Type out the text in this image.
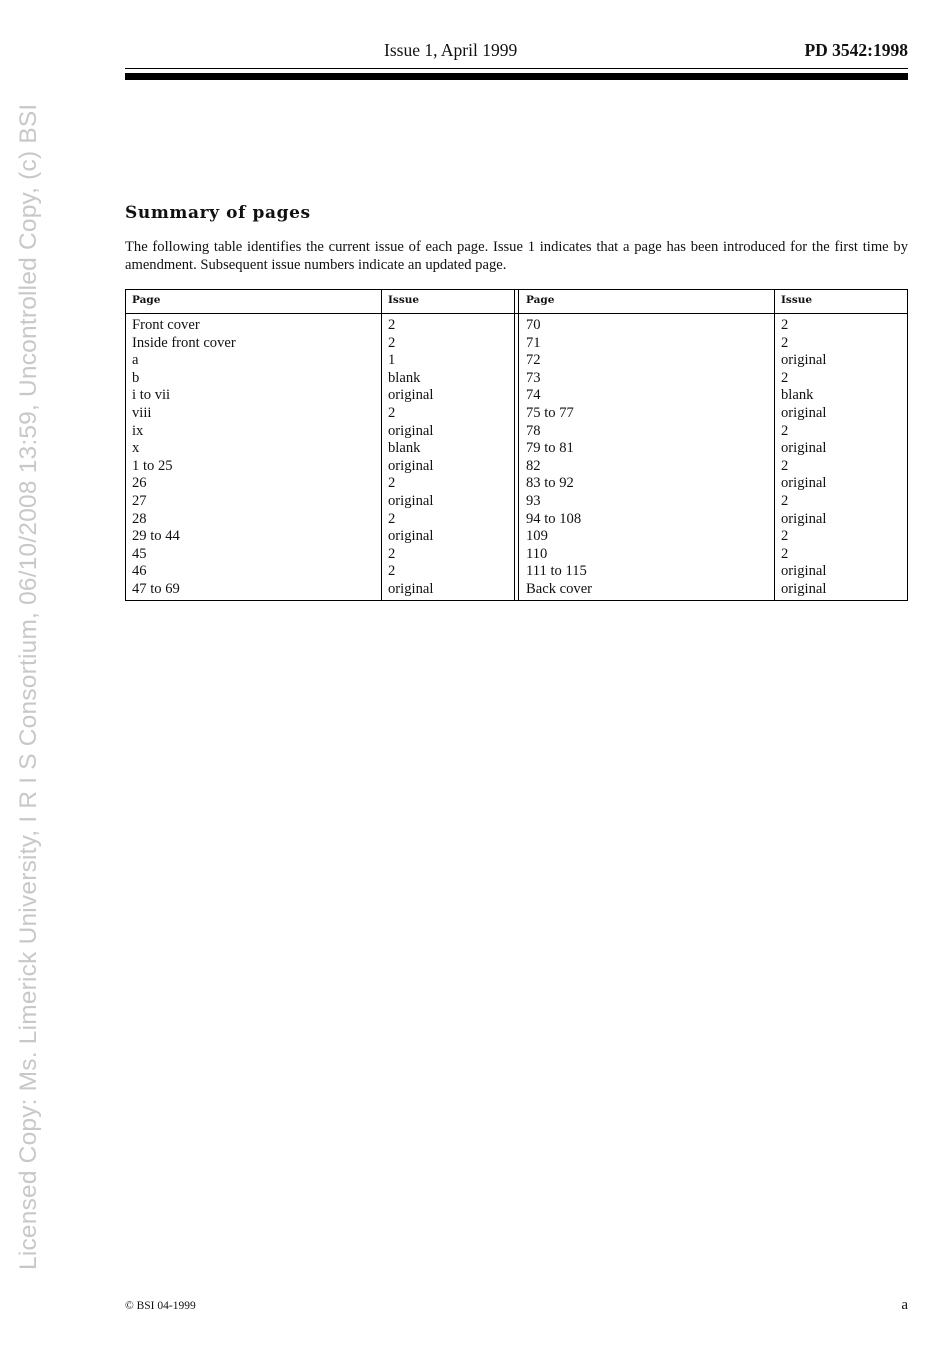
Licensed Copy: Ms. Limerick University, I R I S Consortium, 06/10/2008 13:59, Uncontrolled Copy, (c) BSI
Issue 1, April 1999	PD 3542:1998
Summary of pages

The following table identifies the current issue of each page. Issue 1 indicates that a page has been introduced for the first time by amendment. Subsequent issue numbers indicate an updated page.

Page
Front cover
Inside front cover
a
b
i to vii
viii
ix
x
1 to 25
26
27
28
29 to 44
45
46
47 to 69
Issue
2
2
1
blank
original
2
original
blank
original
2
original
2
original
2
2
original
Page
70
71
72
73
74
75 to 77
78
79 to 81
82
83 to 92
93
94 to 108
109
110
111 to 115
Back cover
Issue
2
2
original
2
blank
original
2
original
2
original
2
original
2
2
original
original
© BSI 04-1999	a
